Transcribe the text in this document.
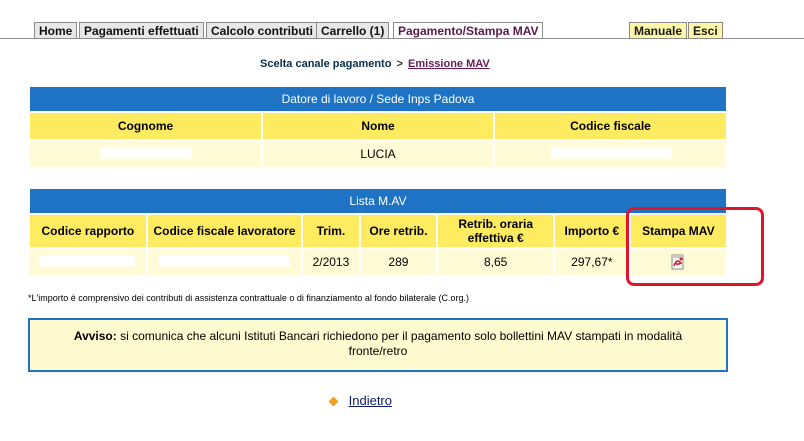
Home Pagamenti effettuati	Calcolo contributi Carrello (1)	Pagamento/Stampa MAV	Manuale Esci
Scelta canale pagamento > Emissione MAV
Datore di lavoro / Sede Inps Padova		
Cognome	Nome	Codice fiscale
	LUCIA	
Lista M.AV						
Codice rapporto	Codice fiscale lavoratore	Trim.	Ore retrib.	Retrib. oraria effettiva €	Importo €	Stampa MAV
		2/2013	289	8,65	297,67*	
*L'importo è comprensivo dei contributi di assistenza contrattuale o di finanziamento al fondo bilaterale (C.org.)
Avviso: si comunica che alcuni Istituti Bancari richiedono per il pagamento solo bollettini MAV stampati in modalità fronte/retro
Indietro
